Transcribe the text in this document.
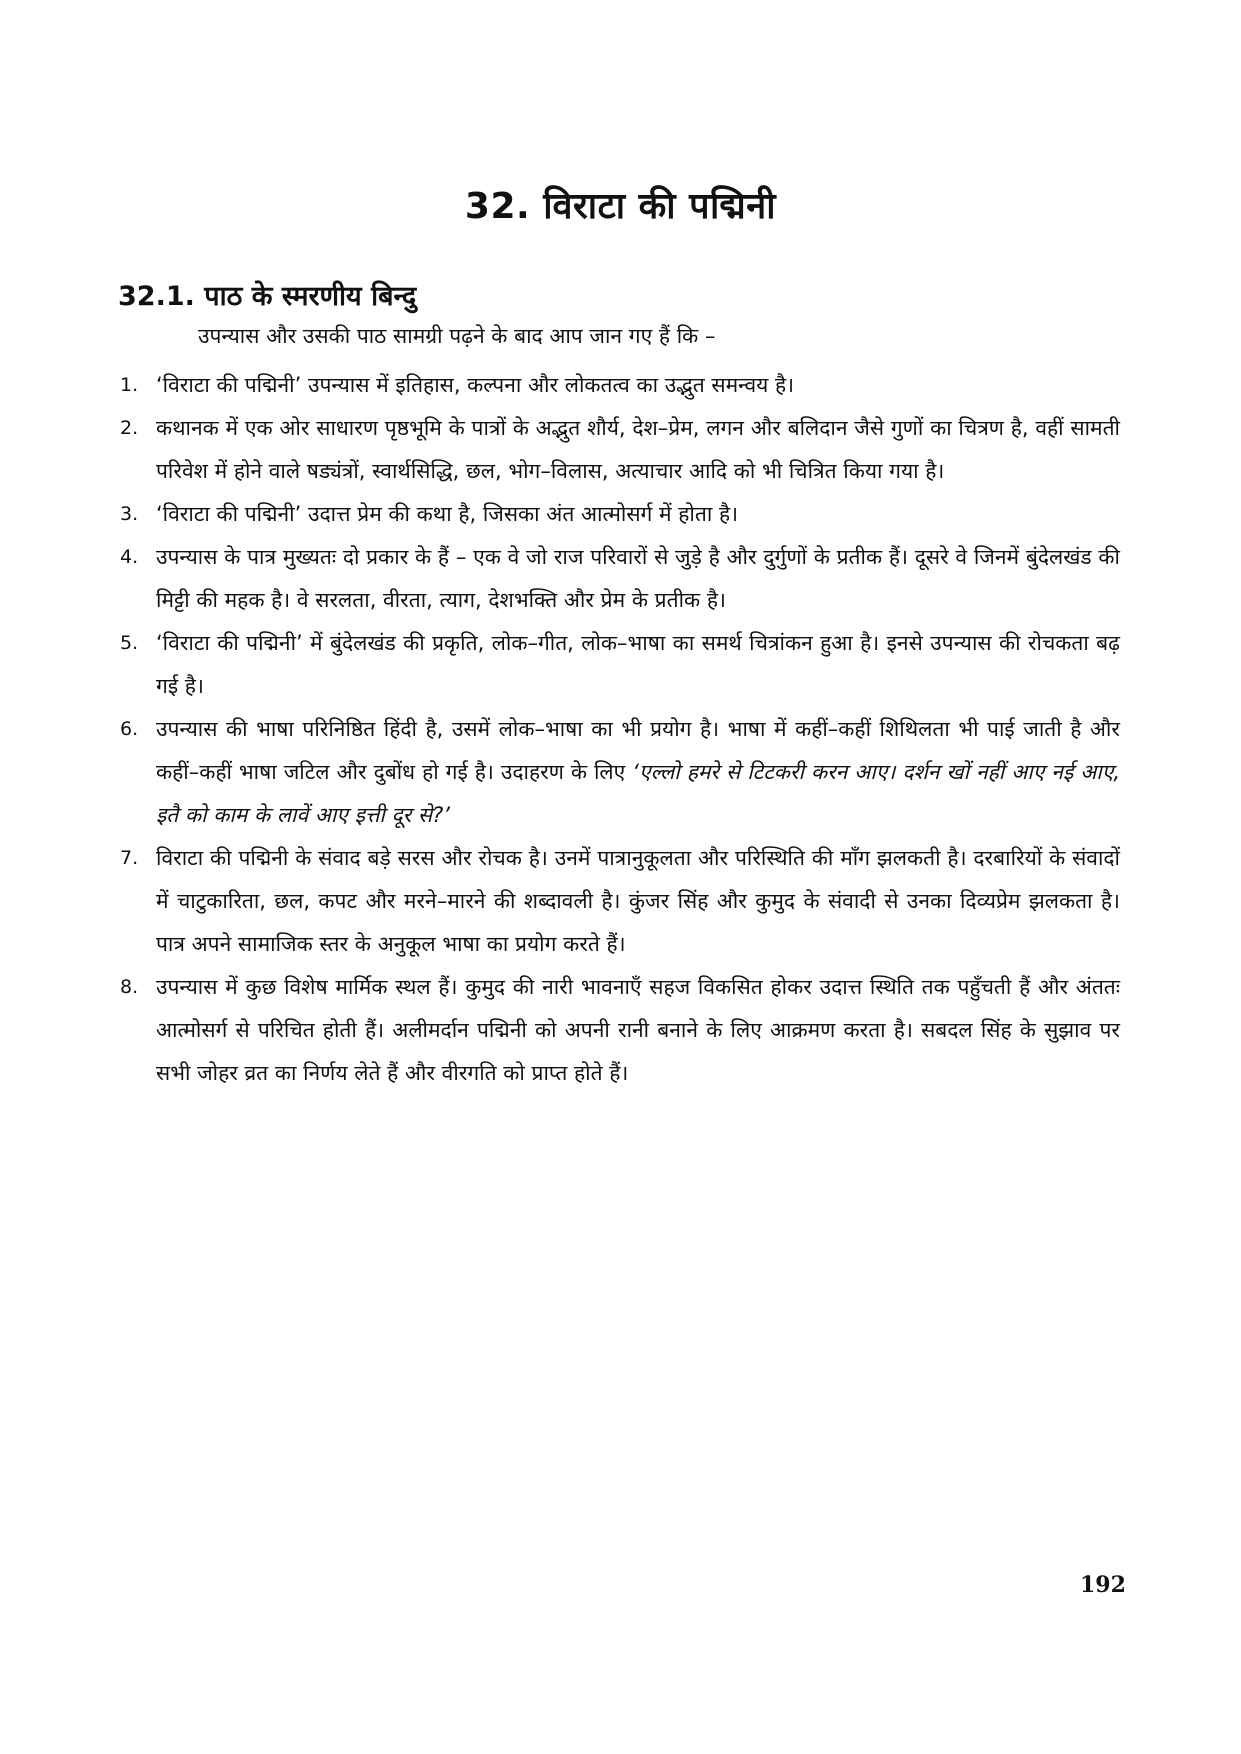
32. विराटा की पद्मिनी
32.1. पाठ के स्मरणीय बिन्दु

उपन्यास और उसकी पाठ सामग्री पढ़ने के बाद आप जान गए हैं कि –

1. ‘विराटा की पद्मिनी’ उपन्यास में इतिहास, कल्पना और लोकतत्व का उद्भुत समन्वय है।
2. कथानक में एक ओर साधारण पृष्ठभूमि के पात्रों के अद्भुत शौर्य, देश–प्रेम, लगन और बलिदान जैसे गुणों का चित्रण है, वहीं सामती परिवेश में होने वाले षड्यंत्रों, स्वार्थसिद्धि, छल, भोग–विलास, अत्याचार आदि को भी चित्रित किया गया है।
3. ‘विराटा की पद्मिनी’ उदात्त प्रेम की कथा है, जिसका अंत आत्मोसर्ग में होता है।
4. उपन्यास के पात्र मुख्यतः दो प्रकार के हैं – एक वे जो राज परिवारों से जुड़े है और दुर्गुणों के प्रतीक हैं। दूसरे वे जिनमें बुंदेलखंड की मिट्टी की महक है। वे सरलता, वीरता, त्याग, देशभक्ति और प्रेम के प्रतीक है।
5. ‘विराटा की पद्मिनी’ में बुंदेलखंड की प्रकृति, लोक–गीत, लोक–भाषा का समर्थ चित्रांकन हुआ है। इनसे उपन्यास की रोचकता बढ़ गई है।
6. उपन्यास की भाषा परिनिष्ठित हिंदी है, उसमें लोक–भाषा का भी प्रयोग है। भाषा में कहीं–कहीं शिथिलता भी पाई जाती है और कहीं–कहीं भाषा जटिल और दुबोंध हो गई है। उदाहरण के लिए ‘एल्लो हमरे से टिटकरी करन आए। दर्शन खों नहीं आए नई आए, इतै को काम के लावें आए इत्ती दूर से?’
7. विराटा की पद्मिनी के संवाद बड़े सरस और रोचक है। उनमें पात्रानुकूलता और परिस्थिति की माँग झलकती है। दरबारियों के संवादों में चाटुकारिता, छल, कपट और मरने–मारने की शब्दावली है। कुंजर सिंह और कुमुद के संवादी से उनका दिव्यप्रेम झलकता है। पात्र अपने सामाजिक स्तर के अनुकूल भाषा का प्रयोग करते हैं।
8. उपन्यास में कुछ विशेष मार्मिक स्थल हैं। कुमुद की नारी भावनाएँ सहज विकसित होकर उदात्त स्थिति तक पहुँचती हैं और अंततः आत्मोसर्ग से परिचित होती हैं। अलीमर्दान पद्मिनी को अपनी रानी बनाने के लिए आक्रमण करता है। सबदल सिंह के सुझाव पर सभी जोहर व्रत का निर्णय लेते हैं और वीरगति को प्राप्त होते हैं।

192
